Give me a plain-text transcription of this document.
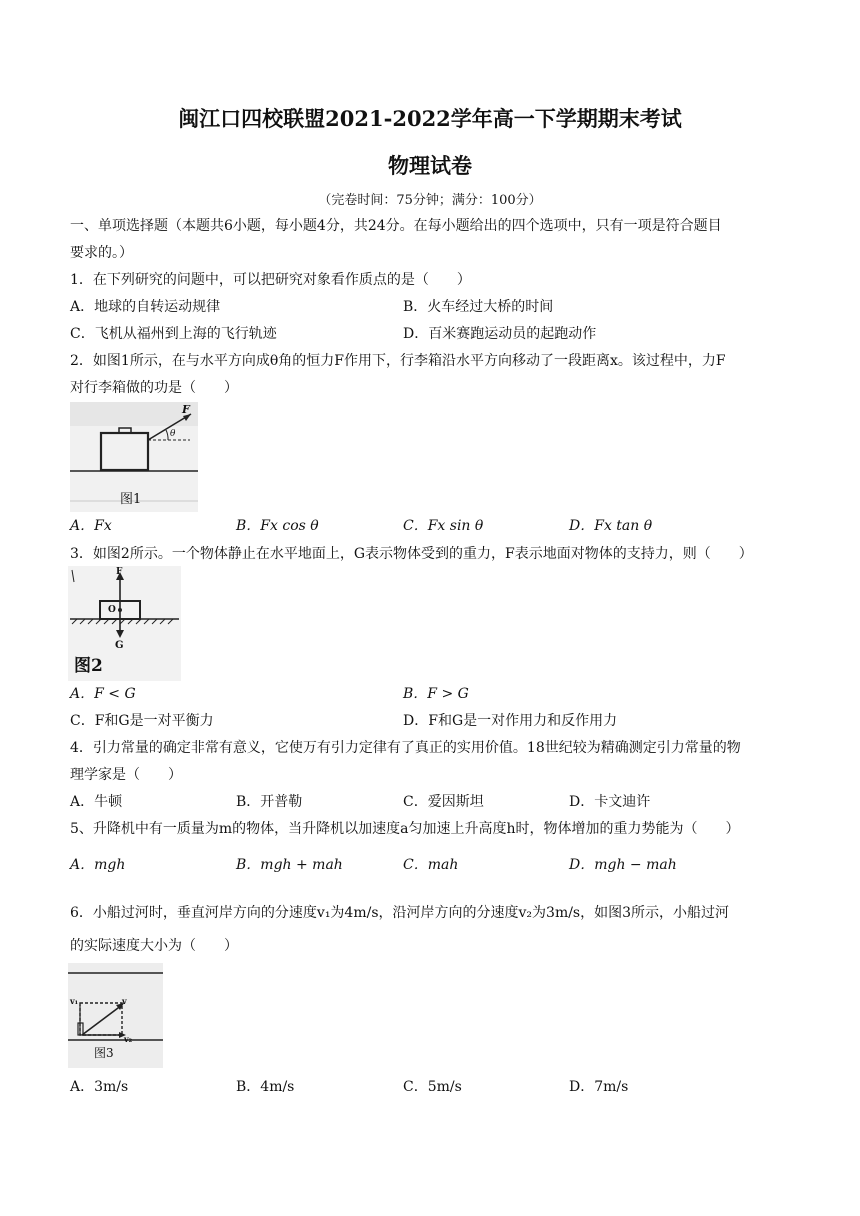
闽江口四校联盟2021-2022学年高一下学期期末考试
物理试卷
（完卷时间：75分钟；满分：100分）
一、单项选择题（本题共6小题，每小题4分，共24分。在每小题给出的四个选项中，只有一项是符合题目
要求的。）
1．在下列研究的问题中，可以把研究对象看作质点的是（　　）
A．地球的自转运动规律	B．火车经过大桥的时间
C．飞机从福州到上海的飞行轨迹	D．百米赛跑运动员的起跑动作
2．如图1所示，在与水平方向成θ角的恒力F作用下，行李箱沿水平方向移动了一段距离x。该过程中，力F
对行李箱做的功是（　　）
F
θ
图1
A．Fx	B．Fx cos θ	C．Fx sin θ	D．Fx tan θ
3．如图2所示。一个物体静止在水平地面上，G表示物体受到的重力，F表示地面对物体的支持力，则（　　）
F
O
G
图2
A．F < G	B．F > G
C．F和G是一对平衡力	D．F和G是一对作用力和反作用力
4．引力常量的确定非常有意义，它使万有引力定律有了真正的实用价值。18世纪较为精确测定引力常量的物
理学家是（　　）
A．牛顿	B．开普勒	C．爱因斯坦	D．卡文迪许
5、升降机中有一质量为m的物体，当升降机以加速度a匀加速上升高度h时，物体增加的重力势能为（　　）
A．mgh	B．mgh + mah	C．mah	D．mgh − mah
6．小船过河时，垂直河岸方向的分速度v₁为4m/s，沿河岸方向的分速度v₂为3m/s，如图3所示，小船过河
的实际速度大小为（　　）
v₁	v
v₂
图3
A．3m/s	B．4m/s	C．5m/s	D．7m/s
